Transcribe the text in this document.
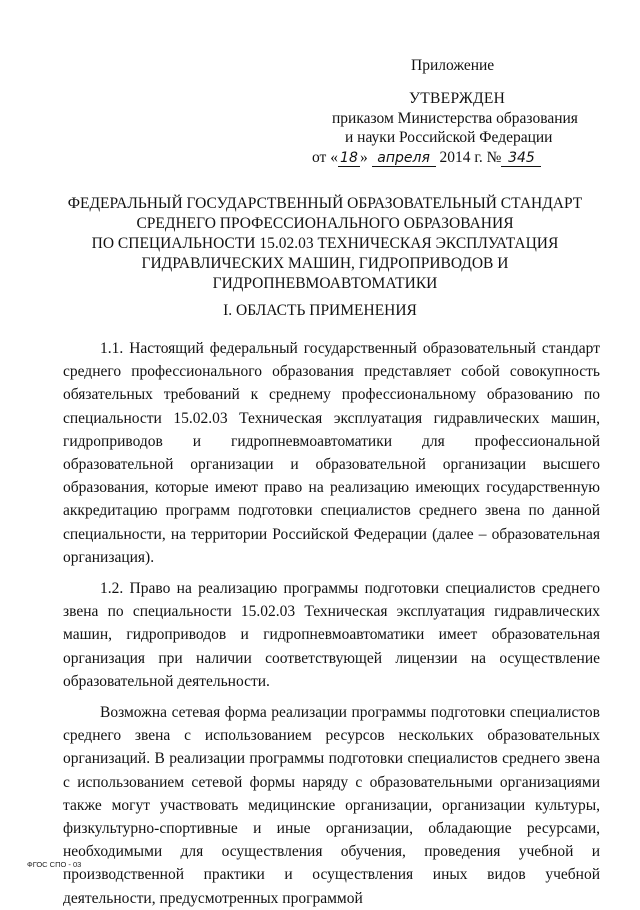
Приложение
УТВЕРЖДЕН
приказом Министерства образования
и науки Российской Федерации
от « 18 » апреля 2014 г. № 345
ФЕДЕРАЛЬНЫЙ ГОСУДАРСТВЕННЫЙ ОБРАЗОВАТЕЛЬНЫЙ СТАНДАРТ
СРЕДНЕГО ПРОФЕССИОНАЛЬНОГО ОБРАЗОВАНИЯ
ПО СПЕЦИАЛЬНОСТИ 15.02.03 ТЕХНИЧЕСКАЯ ЭКСПЛУАТАЦИЯ
ГИДРАВЛИЧЕСКИХ МАШИН, ГИДРОПРИВОДОВ И
ГИДРОПНЕВМОАВТОМАТИКИ
I. ОБЛАСТЬ ПРИМЕНЕНИЯ

1.1. Настоящий федеральный государственный образовательный стандарт среднего профессионального образования представляет собой совокупность обязательных требований к среднему профессиональному образованию по специальности 15.02.03 Техническая эксплуатация гидравлических машин, гидроприводов и гидропневмоавтоматики для профессиональной образовательной организации и образовательной организации высшего образования, которые имеют право на реализацию имеющих государственную аккредитацию программ подготовки специалистов среднего звена по данной специальности, на территории Российской Федерации (далее – образовательная организация).

1.2. Право на реализацию программы подготовки специалистов среднего звена по специальности 15.02.03 Техническая эксплуатация гидравлических машин, гидроприводов и гидропневмоавтоматики имеет образовательная организация при наличии соответствующей лицензии на осуществление образовательной деятельности.

Возможна сетевая форма реализации программы подготовки специалистов среднего звена с использованием ресурсов нескольких образовательных организаций. В реализации программы подготовки специалистов среднего звена с использованием сетевой формы наряду с образовательными организациями также могут участвовать медицинские организации, организации культуры, физкультурно-спортивные и иные организации, обладающие ресурсами, необходимыми для осуществления обучения, проведения учебной и производственной практики и осуществления иных видов учебной деятельности, предусмотренных программой

ФГОС СПО - 03
